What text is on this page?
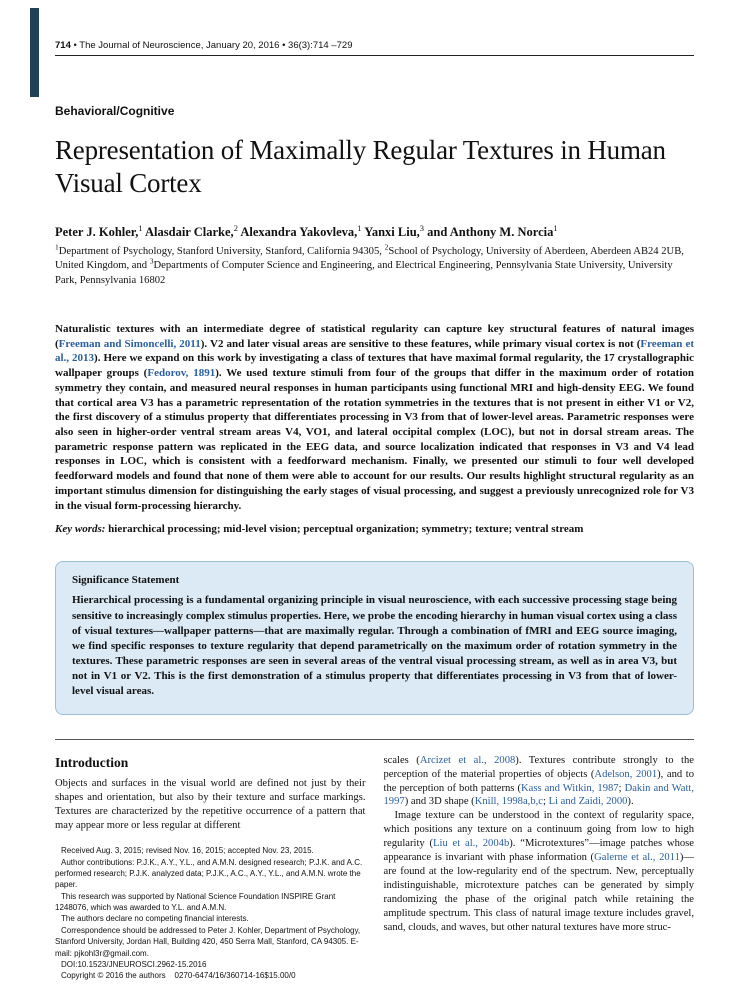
714 • The Journal of Neuroscience, January 20, 2016 • 36(3):714 –729
Behavioral/Cognitive
Representation of Maximally Regular Textures in Human Visual Cortex
Peter J. Kohler,$^1$ Alasdair Clarke,$^2$ Alexandra Yakovleva,$^1$ Yanxi Liu,$^3$ and Anthony M. Norcia$^1$
$^1$Department of Psychology, Stanford University, Stanford, California 94305, $^2$School of Psychology, University of Aberdeen, Aberdeen AB24 2UB, United Kingdom, and $^3$Departments of Computer Science and Engineering, and Electrical Engineering, Pennsylvania State University, University Park, Pennsylvania 16802

Naturalistic textures with an intermediate degree of statistical regularity can capture key structural features of natural images (Freeman and Simoncelli, 2011). V2 and later visual areas are sensitive to these features, while primary visual cortex is not (Freeman et al., 2013). Here we expand on this work by investigating a class of textures that have maximal formal regularity, the 17 crystallographic wallpaper groups (Fedorov, 1891). We used texture stimuli from four of the groups that differ in the maximum order of rotation symmetry they contain, and measured neural responses in human participants using functional MRI and high-density EEG. We found that cortical area V3 has a parametric representation of the rotation symmetries in the textures that is not present in either V1 or V2, the first discovery of a stimulus property that differentiates processing in V3 from that of lower-level areas. Parametric responses were also seen in higher-order ventral stream areas V4, VO1, and lateral occipital complex (LOC), but not in dorsal stream areas. The parametric response pattern was replicated in the EEG data, and source localization indicated that responses in V3 and V4 lead responses in LOC, which is consistent with a feedforward mechanism. Finally, we presented our stimuli to four well developed feedforward models and found that none of them were able to account for our results. Our results highlight structural regularity as an important stimulus dimension for distinguishing the early stages of visual processing, and suggest a previously unrecognized role for V3 in the visual form-processing hierarchy.

Key words: hierarchical processing; mid-level vision; perceptual organization; symmetry; texture; ventral stream

Significance Statement

Hierarchical processing is a fundamental organizing principle in visual neuroscience, with each successive processing stage being sensitive to increasingly complex stimulus properties. Here, we probe the encoding hierarchy in human visual cortex using a class of visual textures—wallpaper patterns—that are maximally regular. Through a combination of fMRI and EEG source imaging, we find specific responses to texture regularity that depend parametrically on the maximum order of rotation symmetry in the textures. These parametric responses are seen in several areas of the ventral visual processing stream, as well as in area V3, but not in V1 or V2. This is the first demonstration of a stimulus property that differentiates processing in V3 from that of lower-level visual areas.

Introduction

Objects and surfaces in the visual world are defined not just by their shapes and orientation, but also by their texture and surface markings. Textures are characterized by the repetitive occurrence of a pattern that may appear more or less regular at different

Received Aug. 3, 2015; revised Nov. 16, 2015; accepted Nov. 23, 2015.

Author contributions: P.J.K., A.Y., Y.L., and A.M.N. designed research; P.J.K. and A.C. performed research; P.J.K. analyzed data; P.J.K., A.C., A.Y., Y.L., and A.M.N. wrote the paper.

This research was supported by National Science Foundation INSPIRE Grant 1248076, which was awarded to Y.L. and A.M.N.

The authors declare no competing financial interests.

Correspondence should be addressed to Peter J. Kohler, Department of Psychology, Stanford University, Jordan Hall, Building 420, 450 Serra Mall, Stanford, CA 94305. E-mail: pjkohl3r@gmail.com.

DOI:10.1523/JNEUROSCI.2962-15.2016

Copyright © 2016 the authors    0270-6474/16/360714-16$15.00/0

scales (Arcizet et al., 2008). Textures contribute strongly to the perception of the material properties of objects (Adelson, 2001), and to the perception of both patterns (Kass and Witkin, 1987; Dakin and Watt, 1997) and 3D shape (Knill, 1998a,b,c; Li and Zaidi, 2000).

Image texture can be understood in the context of regularity space, which positions any texture on a continuum going from low to high regularity (Liu et al., 2004b). “Microtextures”—image patches whose appearance is invariant with phase information (Galerne et al., 2011)—are found at the low-regularity end of the spectrum. New, perceptually indistinguishable, microtexture patches can be generated by simply randomizing the phase of the original patch while retaining the amplitude spectrum. This class of natural image texture includes gravel, sand, clouds, and waves, but other natural textures have more struc-
